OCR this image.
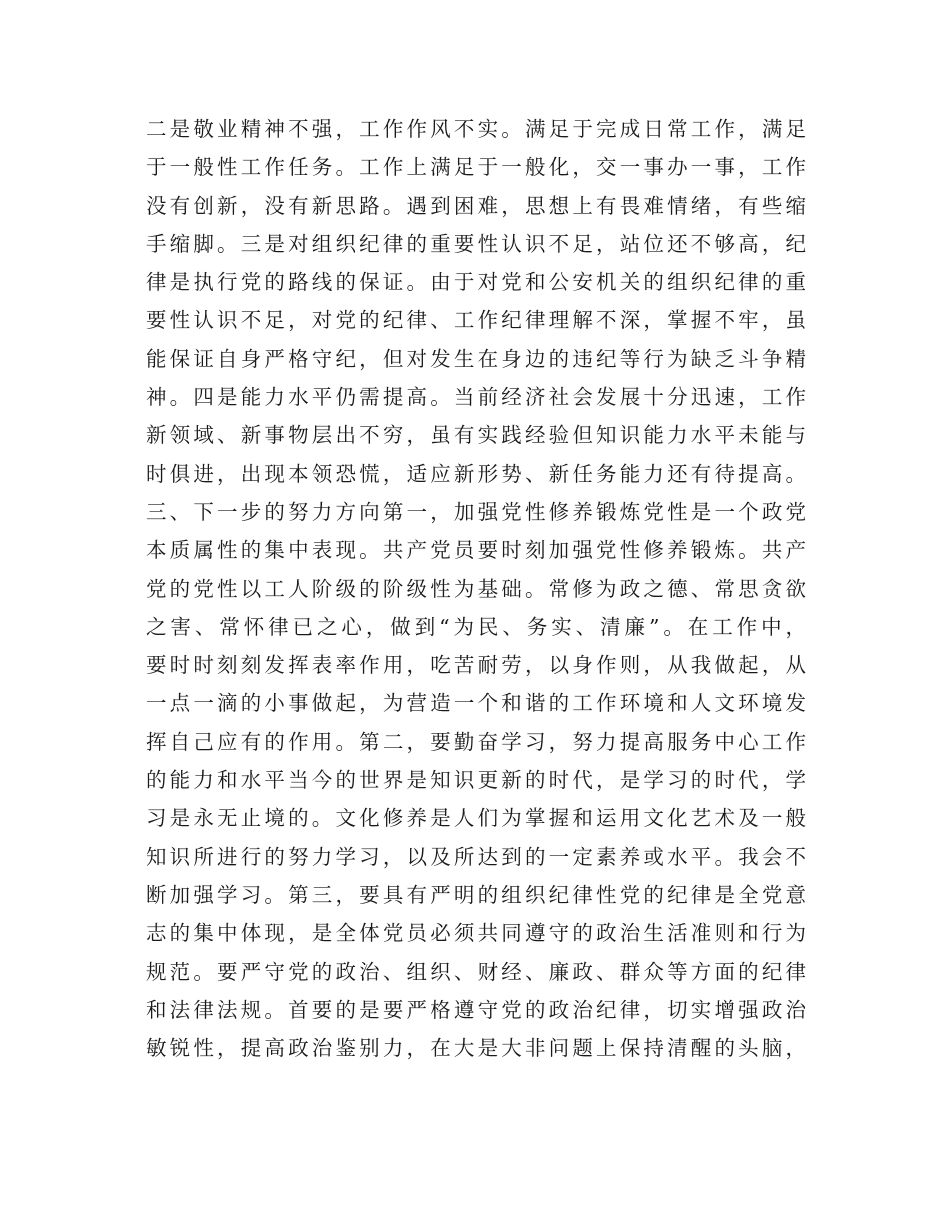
二是敬业精神不强，工作作风不实。满足于完成日常工作，满足
于一般性工作任务。工作上满足于一般化，交一事办一事，工作
没有创新，没有新思路。遇到困难，思想上有畏难情绪，有些缩
手缩脚。三是对组织纪律的重要性认识不足，站位还不够高，纪
律是执行党的路线的保证。由于对党和公安机关的组织纪律的重
要性认识不足，对党的纪律、工作纪律理解不深，掌握不牢，虽
能保证自身严格守纪，但对发生在身边的违纪等行为缺乏斗争精
神。四是能力水平仍需提高。当前经济社会发展十分迅速，工作
新领域、新事物层出不穷，虽有实践经验但知识能力水平未能与
时俱进，出现本领恐慌，适应新形势、新任务能力还有待提高。
三、下一步的努力方向第一，加强党性修养锻炼党性是一个政党
本质属性的集中表现。共产党员要时刻加强党性修养锻炼。共产
党的党性以工人阶级的阶级性为基础。常修为政之德、常思贪欲
之害、常怀律已之心，做到“为民、务实、清廉”。在工作中，
要时时刻刻发挥表率作用，吃苦耐劳，以身作则，从我做起，从
一点一滴的小事做起，为营造一个和谐的工作环境和人文环境发
挥自己应有的作用。第二，要勤奋学习，努力提高服务中心工作
的能力和水平当今的世界是知识更新的时代，是学习的时代，学
习是永无止境的。文化修养是人们为掌握和运用文化艺术及一般
知识所进行的努力学习，以及所达到的一定素养或水平。我会不
断加强学习。第三，要具有严明的组织纪律性党的纪律是全党意
志的集中体现，是全体党员必须共同遵守的政治生活准则和行为
规范。要严守党的政治、组织、财经、廉政、群众等方面的纪律
和法律法规。首要的是要严格遵守党的政治纪律，切实增强政治
敏锐性，提高政治鉴别力，在大是大非问题上保持清醒的头脑，
